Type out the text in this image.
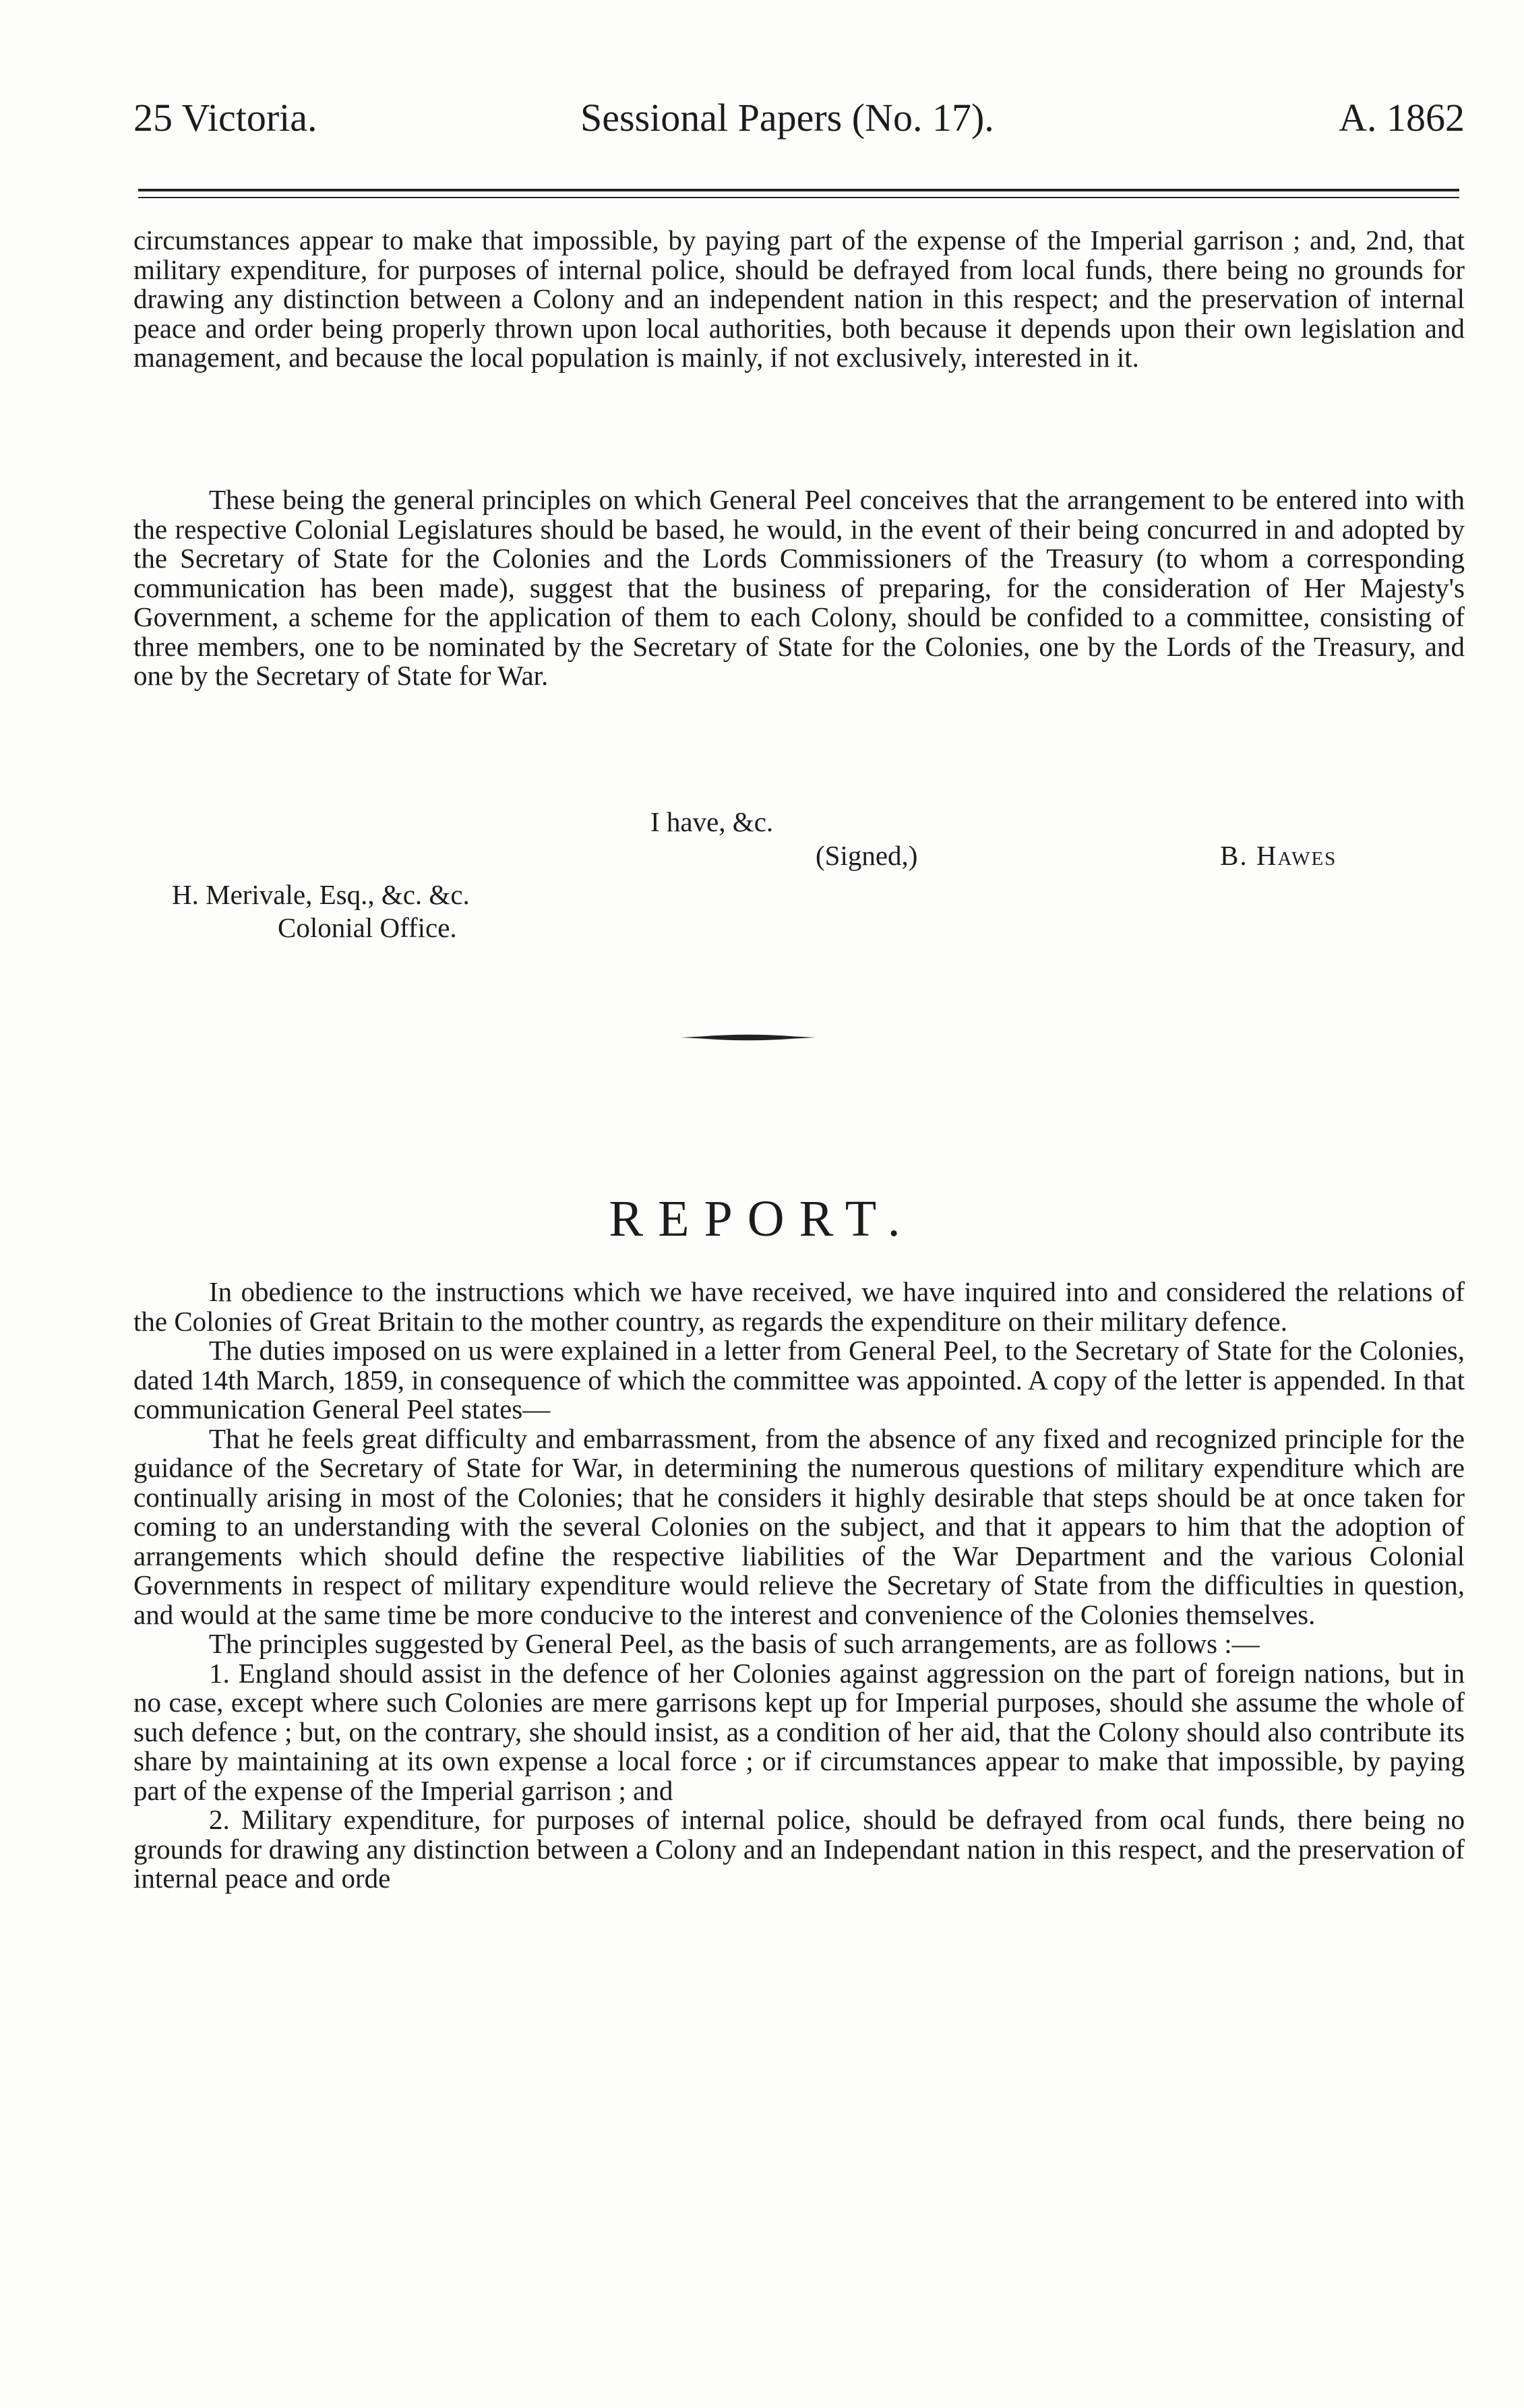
25 Victoria.	Sessional Papers (No. 17).	A. 1862

circumstances appear to make that impossible, by paying part of the expense of the Imperial garrison ; and, 2nd, that military expenditure, for purposes of internal police, should be defrayed from local funds, there being no grounds for drawing any distinction between a Colony and an independent nation in this respect; and the preservation of internal peace and order being properly thrown upon local authorities, both because it depends upon their own legislation and management, and because the local population is mainly, if not exclusively, interested in it.

These being the general principles on which General Peel conceives that the arrangement to be entered into with the respective Colonial Legislatures should be based, he would, in the event of their being concurred in and adopted by the Secretary of State for the Colonies and the Lords Commissioners of the Treasury (to whom a corresponding communication has been made), suggest that the business of preparing, for the consideration of Her Majesty's Government, a scheme for the application of them to each Colony, should be confided to a committee, consisting of three members, one to be nominated by the Secretary of State for the Colonies, one by the Lords of the Treasury, and one by the Secretary of State for War.

I have, &c.
(Signed,)	B. Hawes
H. Merivale, Esq., &c. &c.
Colonial Office.
REPORT.

In obedience to the instructions which we have received, we have inquired into and considered the relations of the Colonies of Great Britain to the mother country, as regards the expenditure on their military defence.

The duties imposed on us were explained in a letter from General Peel, to the Secretary of State for the Colonies, dated 14th March, 1859, in consequence of which the committee was appointed. A copy of the letter is appended. In that communication General Peel states—

That he feels great difficulty and embarrassment, from the absence of any fixed and recognized principle for the guidance of the Secretary of State for War, in determining the numerous questions of military expenditure which are continually arising in most of the Colonies; that he considers it highly desirable that steps should be at once taken for coming to an understanding with the several Colonies on the subject, and that it appears to him that the adoption of arrangements which should define the respective liabilities of the War Department and the various Colonial Governments in respect of military expenditure would relieve the Secretary of State from the difficulties in question, and would at the same time be more conducive to the interest and convenience of the Colonies themselves.

The principles suggested by General Peel, as the basis of such arrangements, are as follows :—

1. England should assist in the defence of her Colonies against aggression on the part of foreign nations, but in no case, except where such Colonies are mere garrisons kept up for Imperial purposes, should she assume the whole of such defence ; but, on the contrary, she should insist, as a condition of her aid, that the Colony should also contribute its share by maintaining at its own expense a local force ; or if circumstances appear to make that impossible, by paying part of the expense of the Imperial garrison ; and

2. Military expenditure, for purposes of internal police, should be defrayed from ocal funds, there being no grounds for drawing any distinction between a Colony and an Independant nation in this respect, and the preservation of internal peace and orde
